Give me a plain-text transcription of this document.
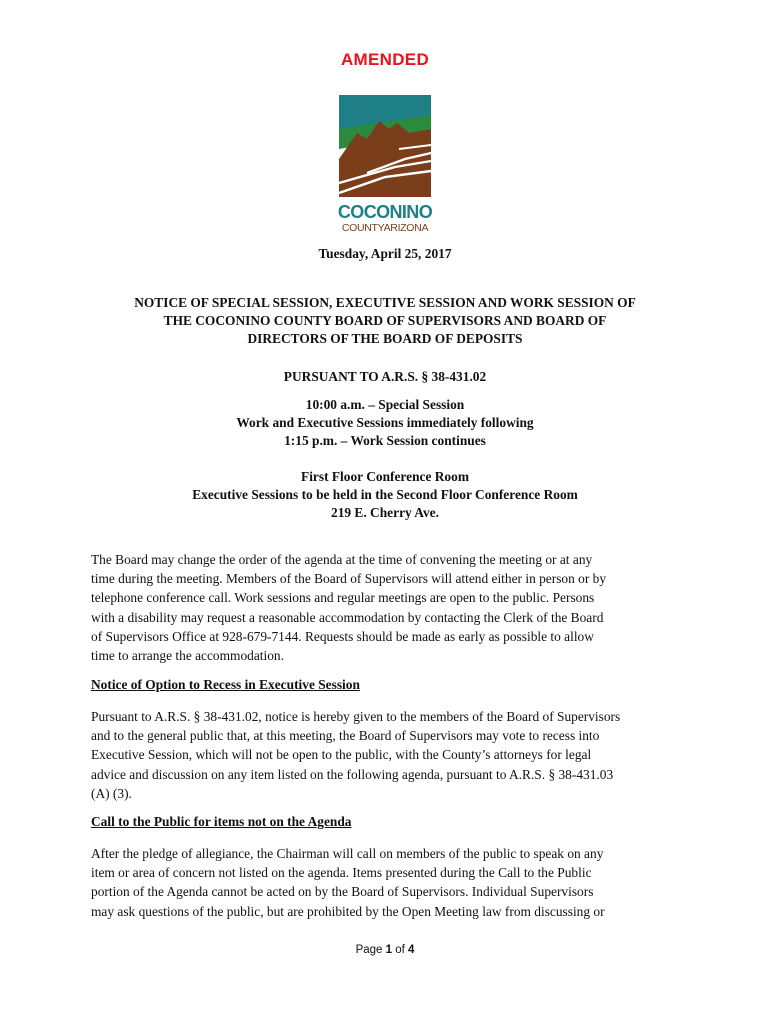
AMENDED
COCONINO
COUNTYARIZONA
Tuesday, April 25, 2017
NOTICE OF SPECIAL SESSION, EXECUTIVE SESSION AND WORK SESSION OF
THE COCONINO COUNTY BOARD OF SUPERVISORS AND BOARD OF
DIRECTORS OF THE BOARD OF DEPOSITS
PURSUANT TO A.R.S. § 38-431.02
10:00 a.m. – Special Session
Work and Executive Sessions immediately following
1:15 p.m. – Work Session continues
First Floor Conference Room
Executive Sessions to be held in the Second Floor Conference Room
219 E. Cherry Ave.
The Board may change the order of the agenda at the time of convening the meeting or at any
time during the meeting. Members of the Board of Supervisors will attend either in person or by
telephone conference call. Work sessions and regular meetings are open to the public. Persons
with a disability may request a reasonable accommodation by contacting the Clerk of the Board
of Supervisors Office at 928-679-7144. Requests should be made as early as possible to allow
time to arrange the accommodation.
Notice of Option to Recess in Executive Session
Pursuant to A.R.S. § 38-431.02, notice is hereby given to the members of the Board of Supervisors
and to the general public that, at this meeting, the Board of Supervisors may vote to recess into
Executive Session, which will not be open to the public, with the County’s attorneys for legal
advice and discussion on any item listed on the following agenda, pursuant to A.R.S. § 38-431.03
(A) (3).
Call to the Public for items not on the Agenda
After the pledge of allegiance, the Chairman will call on members of the public to speak on any
item or area of concern not listed on the agenda. Items presented during the Call to the Public
portion of the Agenda cannot be acted on by the Board of Supervisors. Individual Supervisors
may ask questions of the public, but are prohibited by the Open Meeting law from discussing or
Page 1 of 4
